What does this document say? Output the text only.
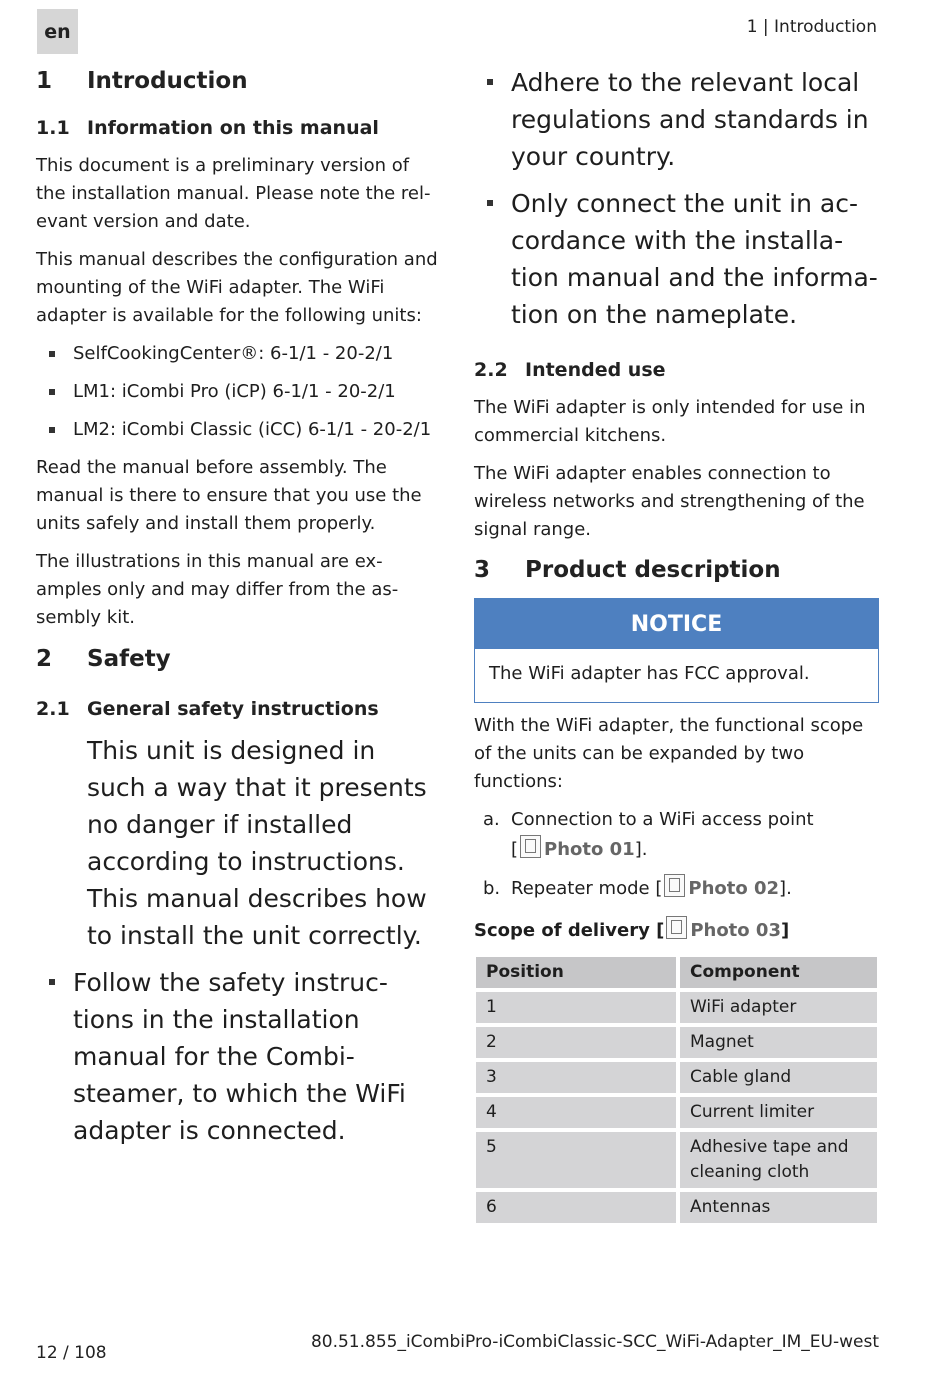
en	1 | Introduction
1	Introduction
1.1 Information on this manual

This document is a preliminary version of the installation manual. Please note the rel-evant version and date.

This manual describes the configuration and mounting of the WiFi adapter. The WiFi adapter is available for the following units:

SelfCookingCenter®: 6-1/1 - 20-2/1
LM1: iCombi Pro (iCP) 6-1/1 - 20-2/1
LM2: iCombi Classic (iCC) 6-1/1 - 20-2/1

Read the manual before assembly. The manual is there to ensure that you use the units safely and install them properly.

The illustrations in this manual are ex-amples only and may differ from the as-sembly kit.

2	Safety
2.1 General safety instructions

This unit is designed in such a way that it presents no danger if installed according to instructions. This manual describes how to install the unit correctly.

Follow the safety instruc-tions in the installation manual for the Combi-steamer, to which the WiFi adapter is connected.
Adhere to the relevant local regulations and standards in your country.
Only connect the unit in ac-cordance with the installa-tion manual and the informa-tion on the nameplate.
2.2 Intended use

The WiFi adapter is only intended for use in commercial kitchens.

The WiFi adapter enables connection to wireless networks and strengthening of the signal range.

3	Product description
NOTICE
The WiFi adapter has FCC approval.

With the WiFi adapter, the functional scope of the units can be expanded by two functions:

a. Connection to a WiFi access point
[ Photo 01].
b. Repeater mode [ Photo 02].
Scope of delivery [ Photo 03]
Position	Component
1	WiFi adapter
2	Magnet
3	Cable gland
4	Current limiter
5	Adhesive tape and cleaning cloth
6	Antennas
12 / 108
80.51.855_iCombiPro-iCombiClassic-SCC_WiFi-Adapter_IM_EU-west
